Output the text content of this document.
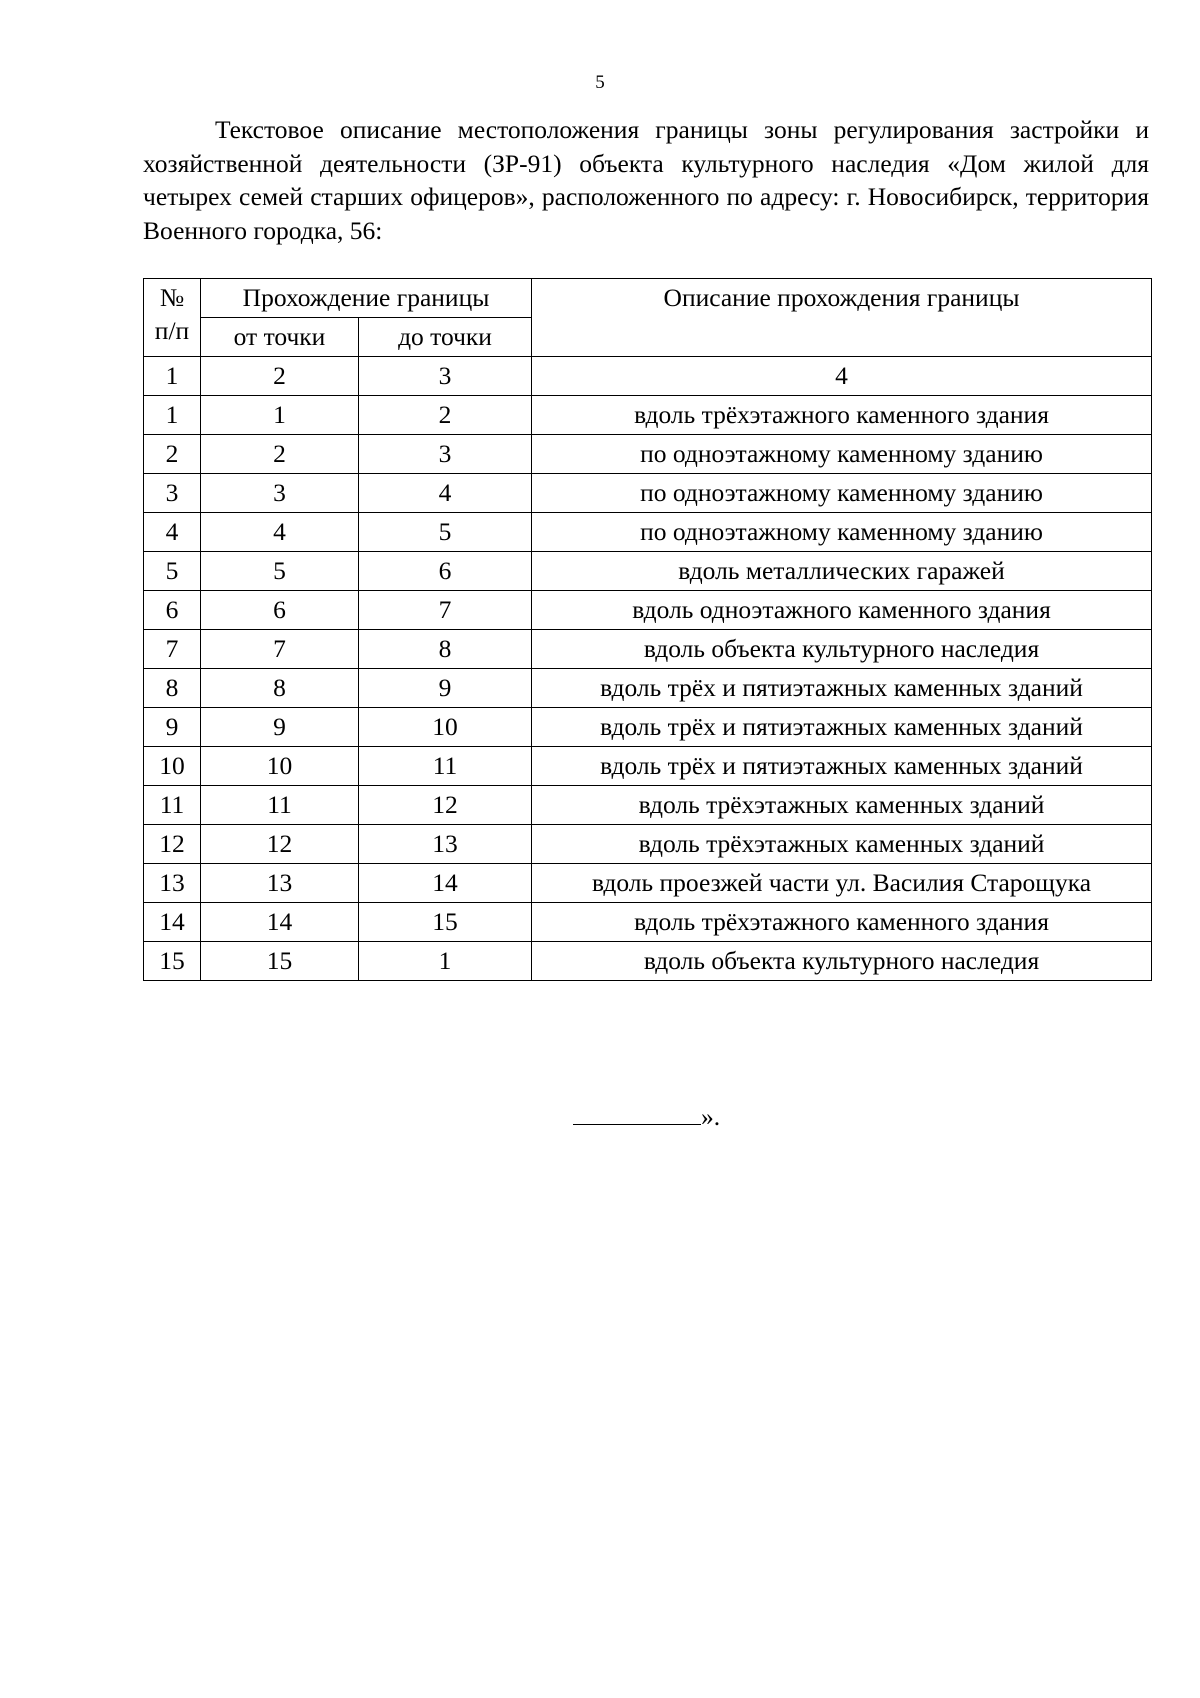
5

Текстовое описание местоположения границы зоны регулирования застройки и хозяйственной деятельности (ЗР-91) объекта культурного наследия «Дом жилой для четырех семей старших офицеров», расположенного по адресу: г. Новосибирск, территория Военного городка, 56:

№
п/п	Прохождение границы		Описание прохождения границы
	от точки	до точки	
1	2	3	4
1	1	2	вдоль трёхэтажного каменного здания
2	2	3	по одноэтажному каменному зданию
3	3	4	по одноэтажному каменному зданию
4	4	5	по одноэтажному каменному зданию
5	5	6	вдоль металлических гаражей
6	6	7	вдоль одноэтажного каменного здания
7	7	8	вдоль объекта культурного наследия
8	8	9	вдоль трёх и пятиэтажных каменных зданий
9	9	10	вдоль трёх и пятиэтажных каменных зданий
10	10	11	вдоль трёх и пятиэтажных каменных зданий
11	11	12	вдоль трёхэтажных каменных зданий
12	12	13	вдоль трёхэтажных каменных зданий
13	13	14	вдоль проезжей части ул. Василия Старощука
14	14	15	вдоль трёхэтажного каменного здания
15	15	1	вдоль объекта культурного наследия
».
